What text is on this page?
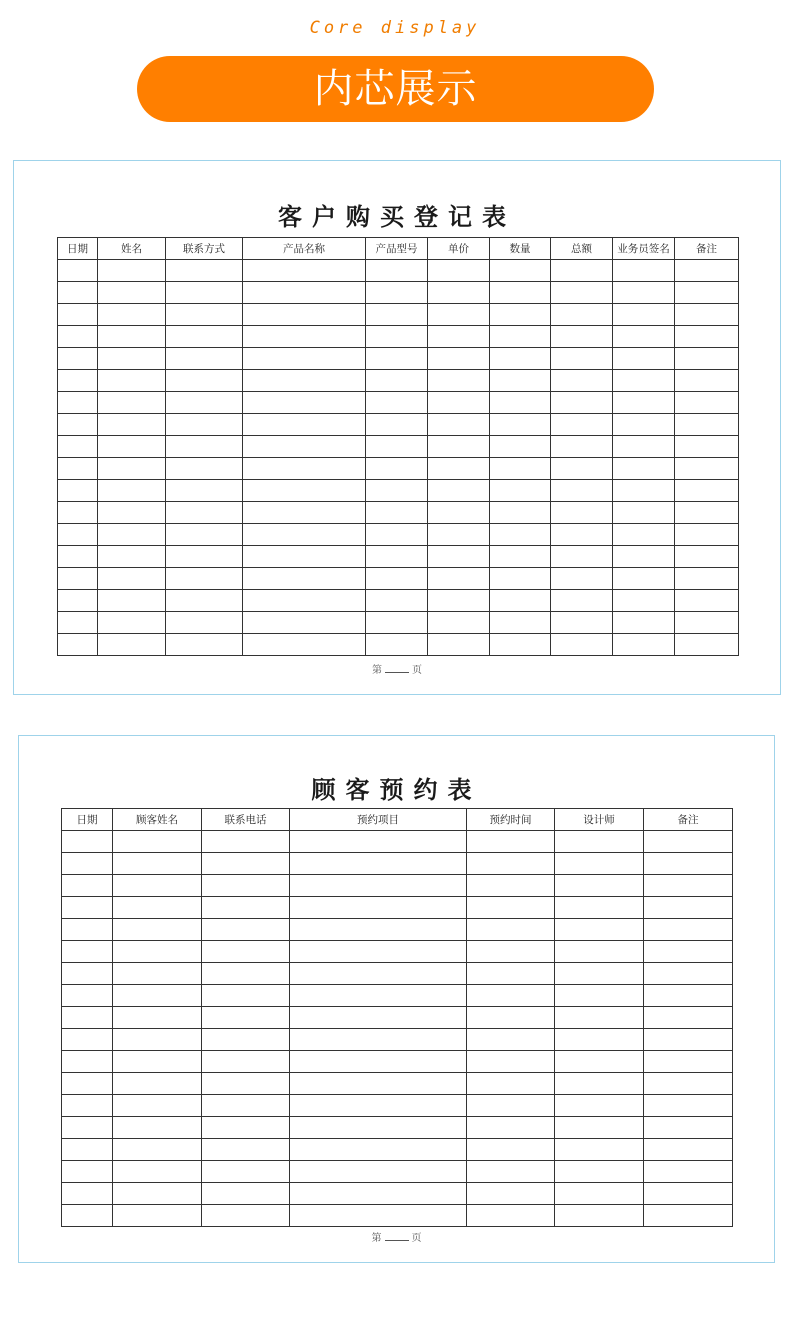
Core display
内芯展示
客户购买登记表
日期	姓名	联系方式	产品名称	产品型号	单价	数量	总额	业务员签名	备注

第	页
顾客预约表
日期	顾客姓名	联系电话	预约项目	预约时间	设计师	备注

第	页
